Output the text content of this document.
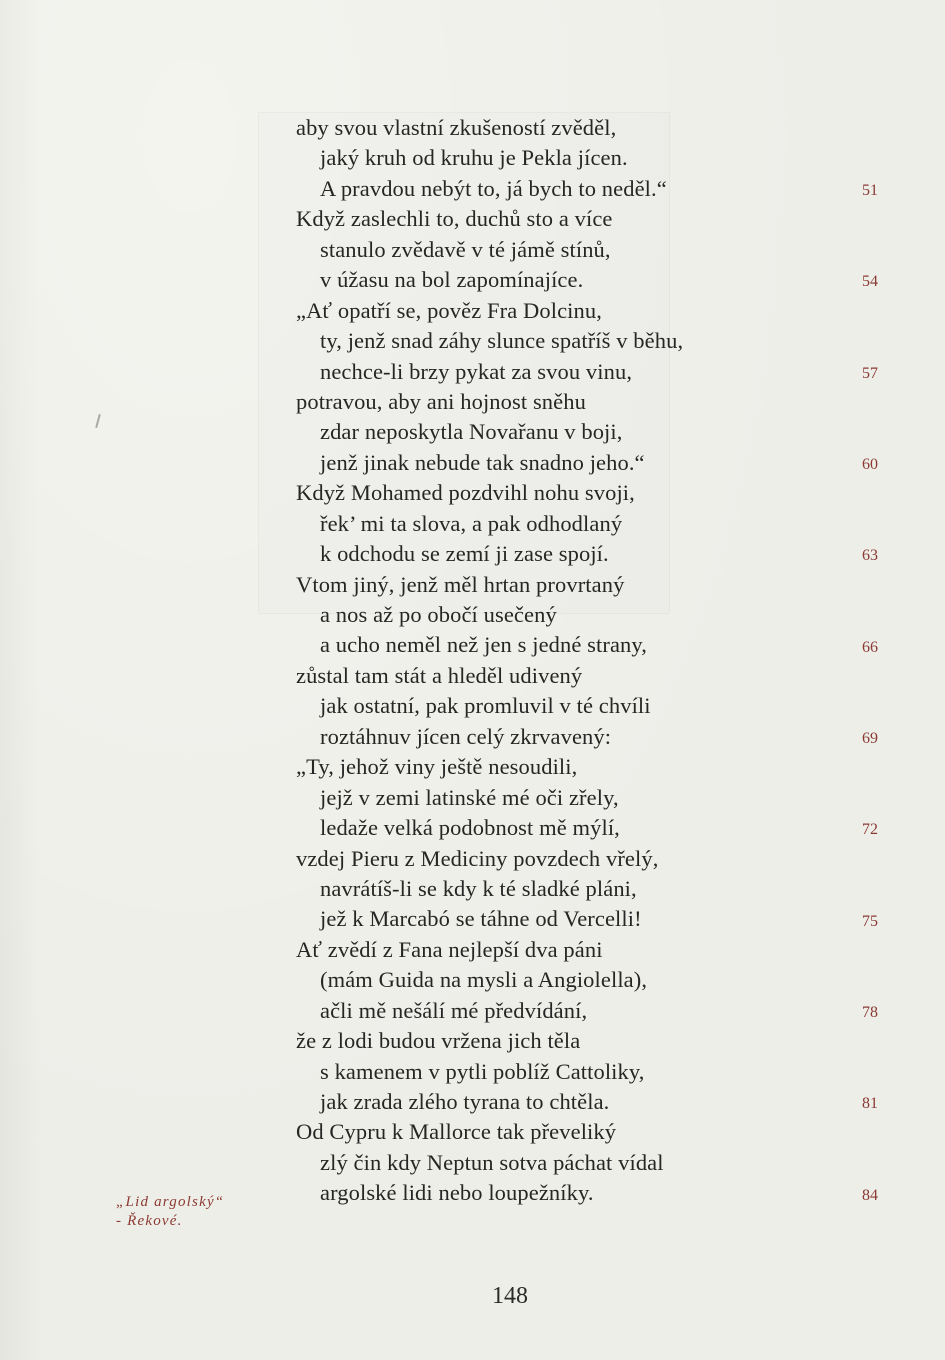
aby svou vlastní zkušeností zvěděl,
jaký kruh od kruhu je Pekla jícen.
A pravdou nebýt to, já bych to neděl.“
Když zaslechli to, duchů sto a více
stanulo zvědavě v té jámě stínů,
v úžasu na bol zapomínajíce.
„Ať opatří se, pověz Fra Dolcinu,
ty, jenž snad záhy slunce spatříš v běhu,
nechce-li brzy pykat za svou vinu,
potravou, aby ani hojnost sněhu
zdar neposkytla Novařanu v boji,
jenž jinak nebude tak snadno jeho.“
Když Mohamed pozdvihl nohu svoji,
řek’ mi ta slova, a pak odhodlaný
k odchodu se zemí ji zase spojí.
Vtom jiný, jenž měl hrtan provrtaný
a nos až po obočí usečený
a ucho neměl než jen s jedné strany,
zůstal tam stát a hleděl udivený
jak ostatní, pak promluvil v té chvíli
roztáhnuv jícen celý zkrvavený:
„Ty, jehož viny ještě nesoudili,
jejž v zemi latinské mé oči zřely,
ledaže velká podobnost mě mýlí,
vzdej Pieru z Mediciny povzdech vřelý,
navrátíš-li se kdy k té sladké pláni,
jež k Marcabó se táhne od Vercelli!
Ať zvědí z Fana nejlepší dva páni
(mám Guida na mysli a Angiolella),
ačli mě nešálí mé předvídání,
že z lodi budou vržena jich těla
s kamenem v pytli poblíž Cattoliky,
jak zrada zlého tyrana to chtěla.
Od Cypru k Mallorce tak převeliký
zlý čin kdy Neptun sotva páchat vídal
argolské lidi nebo loupežníky.
51
54
57
60
63
66
69
72
75
78
81
84
„Lid argolský“
- Řekové.
148
